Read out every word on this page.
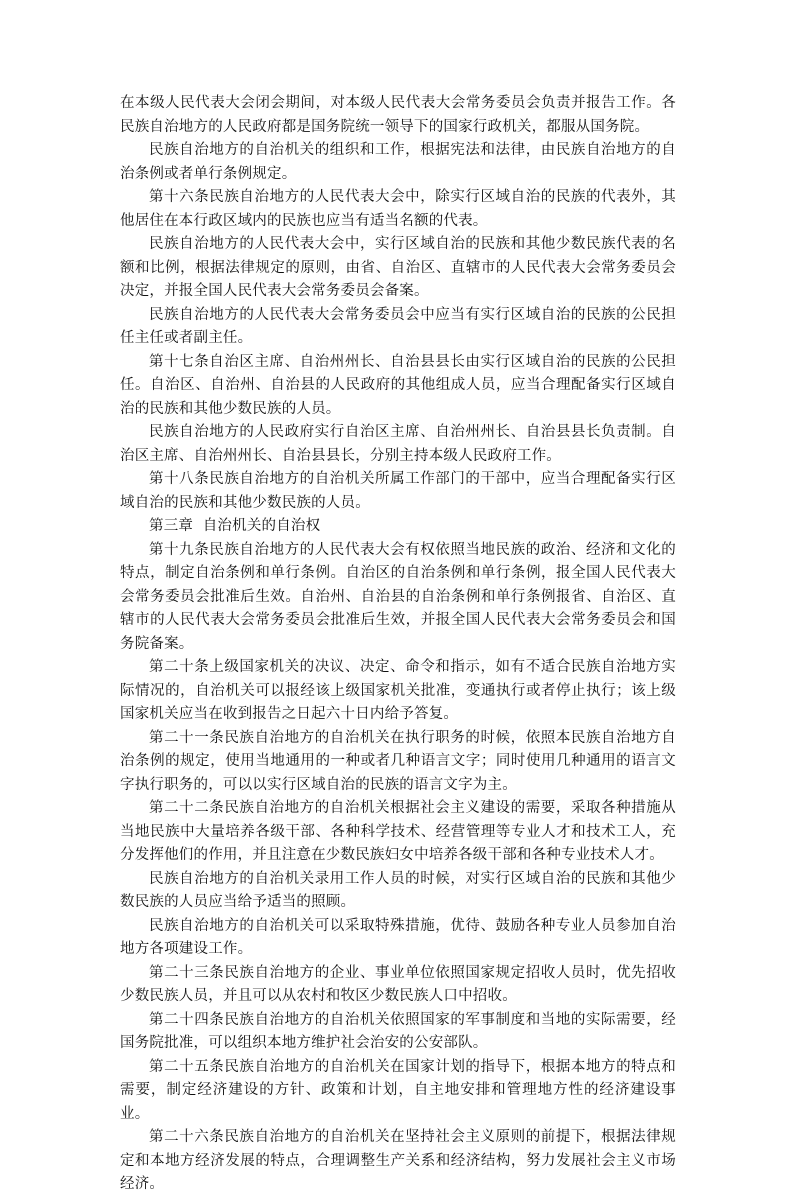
在本级人民代表大会闭会期间，对本级人民代表大会常务委员会负责并报告工作。各民族自治地方的人民政府都是国务院统一领导下的国家行政机关，都服从国务院。

民族自治地方的自治机关的组织和工作，根据宪法和法律，由民族自治地方的自治条例或者单行条例规定。

第十六条民族自治地方的人民代表大会中，除实行区域自治的民族的代表外，其他居住在本行政区域内的民族也应当有适当名额的代表。

民族自治地方的人民代表大会中，实行区域自治的民族和其他少数民族代表的名额和比例，根据法律规定的原则，由省、自治区、直辖市的人民代表大会常务委员会决定，并报全国人民代表大会常务委员会备案。

民族自治地方的人民代表大会常务委员会中应当有实行区域自治的民族的公民担任主任或者副主任。

第十七条自治区主席、自治州州长、自治县县长由实行区域自治的民族的公民担任。自治区、自治州、自治县的人民政府的其他组成人员，应当合理配备实行区域自治的民族和其他少数民族的人员。

民族自治地方的人民政府实行自治区主席、自治州州长、自治县县长负责制。自治区主席、自治州州长、自治县县长，分别主持本级人民政府工作。

第十八条民族自治地方的自治机关所属工作部门的干部中，应当合理配备实行区域自治的民族和其他少数民族的人员。

第三章  自治机关的自治权

第十九条民族自治地方的人民代表大会有权依照当地民族的政治、经济和文化的特点，制定自治条例和单行条例。自治区的自治条例和单行条例，报全国人民代表大会常务委员会批准后生效。自治州、自治县的自治条例和单行条例报省、自治区、直辖市的人民代表大会常务委员会批准后生效，并报全国人民代表大会常务委员会和国务院备案。

第二十条上级国家机关的决议、决定、命令和指示，如有不适合民族自治地方实际情况的，自治机关可以报经该上级国家机关批准，变通执行或者停止执行；该上级国家机关应当在收到报告之日起六十日内给予答复。

第二十一条民族自治地方的自治机关在执行职务的时候，依照本民族自治地方自治条例的规定，使用当地通用的一种或者几种语言文字；同时使用几种通用的语言文字执行职务的，可以以实行区域自治的民族的语言文字为主。

第二十二条民族自治地方的自治机关根据社会主义建设的需要，采取各种措施从当地民族中大量培养各级干部、各种科学技术、经营管理等专业人才和技术工人，充分发挥他们的作用，并且注意在少数民族妇女中培养各级干部和各种专业技术人才。

民族自治地方的自治机关录用工作人员的时候，对实行区域自治的民族和其他少数民族的人员应当给予适当的照顾。

民族自治地方的自治机关可以采取特殊措施，优待、鼓励各种专业人员参加自治地方各项建设工作。

第二十三条民族自治地方的企业、事业单位依照国家规定招收人员时，优先招收少数民族人员，并且可以从农村和牧区少数民族人口中招收。

第二十四条民族自治地方的自治机关依照国家的军事制度和当地的实际需要，经国务院批准，可以组织本地方维护社会治安的公安部队。

第二十五条民族自治地方的自治机关在国家计划的指导下，根据本地方的特点和需要，制定经济建设的方针、政策和计划，自主地安排和管理地方性的经济建设事业。

第二十六条民族自治地方的自治机关在坚持社会主义原则的前提下，根据法律规定和本地方经济发展的特点，合理调整生产关系和经济结构，努力发展社会主义市场经济。
